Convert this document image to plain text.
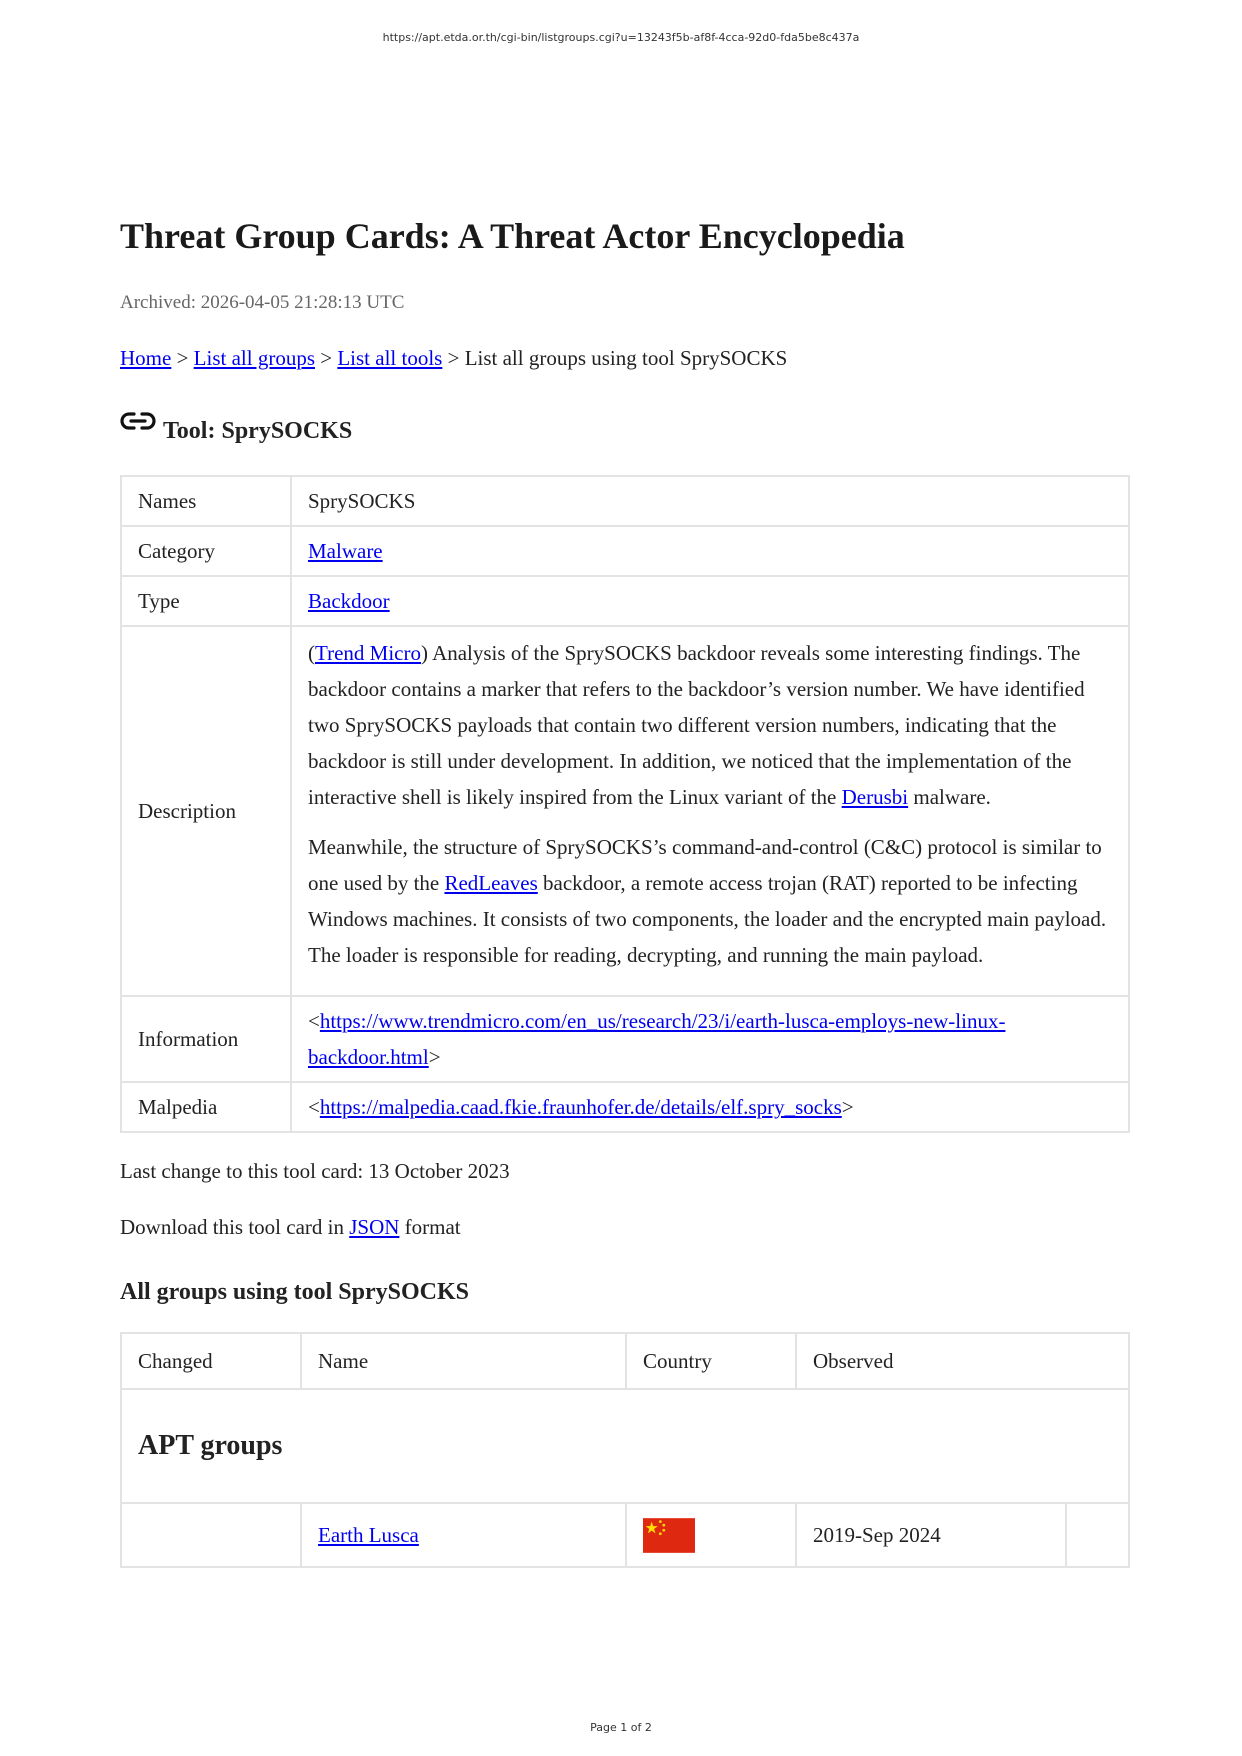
https://apt.etda.or.th/cgi-bin/listgroups.cgi?u=13243f5b-af8f-4cca-92d0-fda5be8c437a
Threat Group Cards: A Threat Actor Encyclopedia
Archived: 2026-04-05 21:28:13 UTC
Home > List all groups > List all tools > List all groups using tool SprySOCKS
Tool: SprySOCKS
Names	SprySOCKS
Category	Malware
Type	Backdoor
Description	(Trend Micro) Analysis of the SprySOCKS backdoor reveals some interesting findings. The backdoor contains a marker that refers to the backdoor’s version number. We have identified two SprySOCKS payloads that contain two different version numbers, indicating that the backdoor is still under development. In addition, we noticed that the implementation of the interactive shell is likely inspired from the Linux variant of the Derusbi malware.

Meanwhile, the structure of SprySOCKS’s command-and-control (C&C) protocol is similar to one used by the RedLeaves backdoor, a remote access trojan (RAT) reported to be infecting Windows machines. It consists of two components, the loader and the encrypted main payload. The loader is responsible for reading, decrypting, and running the main payload.

Information	<https://www.trendmicro.com/en_us/research/23/i/earth-lusca-employs-new-linux-backdoor.html>
Malpedia	<https://malpedia.caad.fkie.fraunhofer.de/details/elf.spry_socks>
Last change to this tool card: 13 October 2023
Download this tool card in JSON format
All groups using tool SprySOCKS
Changed	Name	Country	Observed	
APT groups				
	Earth Lusca		2019-Sep 2024	
Page 1 of 2
